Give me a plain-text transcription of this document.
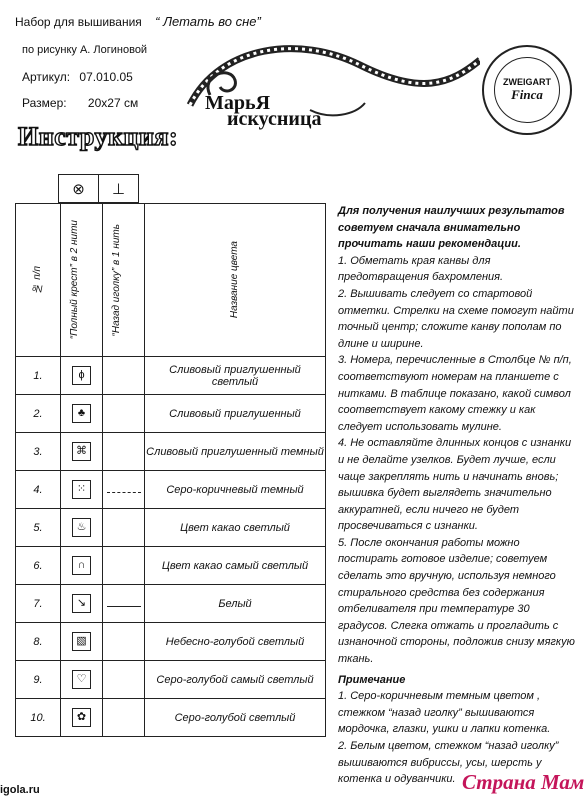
Набор для вышивания “ Летать во сне”
по рисунку А. Логиновой
Артикул: 07.010.05
Размер: 20x27 см	МарьЯ
искусница
ZWEIGART
Finca
Инструкция:
⊗	⊥
№ п/п	“Полный крест” в 2 нити	“Назад иголку” в 1 нить	Название цвета

1.	ɸ		Сливовый приглушенный светлый
2.	♣		Сливовый приглушенный
3.	⌘		Сливовый приглушенный темный
4.	⁙		Серо-коричневый темный
5.	♨		Цвет какао светлый
6.	∩		Цвет какао самый светлый
7.	↘		Белый
8.	▧		Небесно-голубой светлый
9.	♡		Серо-голубой самый светлый
10.	✿		Серо-голубой светлый

Для получения наилучших результатов советуем сначала внимательно прочитать наши рекомендации.

1. Обметать края канвы для предотвращения бахромления.

2. Вышивать следует со стартовой отметки. Стрелки на схеме помогут найти точный центр; сложите канву пополам по длине и ширине.

3. Номера, перечисленные в Столбце № п/п, соответствуют номерам на планшете с нитками. В таблице показано, какой символ соответствует какому стежку и как следует использовать мулине.

4. Не оставляйте длинных концов с изнанки и не делайте узелков. Будет лучше, если чаще закреплять нить и начинать вновь; вышивка будет выглядеть значительно аккуратней, если ничего не будет просвечиваться с изнанки.

5. После окончания работы можно постирать готовое изделие; советуем сделать это вручную, используя немного стирального средства без содержания отбеливателя при температуре 30 градусов. Слегка отжать и прогладить с изнаночной стороны, подложив снизу мягкую ткань.

Примечание

1. Серо-коричневым темным цветом , стежком “назад иголку” вышиваются мордочка, глазки, ушки и лапки котенка.

2. Белым цветом, стежком “назад иголку” вышиваются вибриссы, усы, шерсть у котенка и одуванчики.

igola.ru	Страна Мам
